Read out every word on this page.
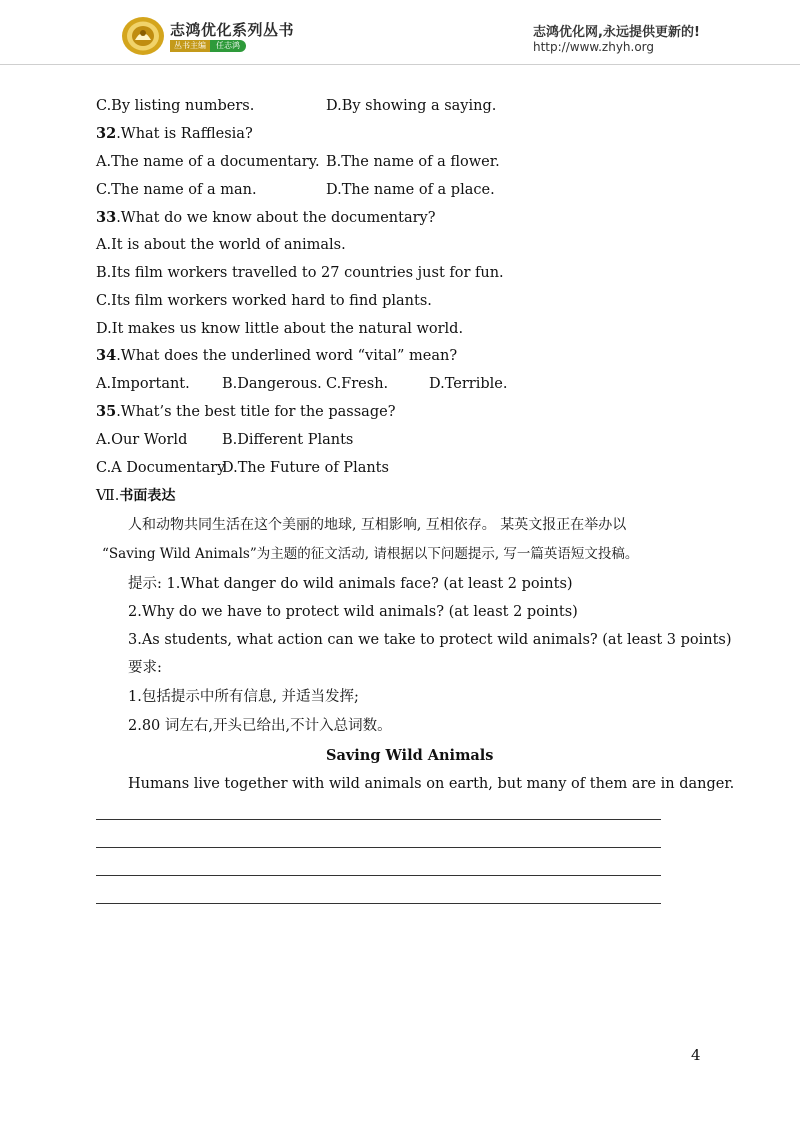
志鸿优化系列丛书
丛书主编	任志鸿
志鸿优化网,永远提供更新的!
http://www.zhyh.org
C.By listing numbers.	D.By showing a saying.
32.What is Rafflesia?
A.The name of a documentary. B.The name of a flower.
C.The name of a man.	D.The name of a place.
33.What do we know about the documentary?
A.It is about the world of animals.
B.Its film workers travelled to 27 countries just for fun.
C.Its film workers worked hard to find plants.
D.It makes us know little about the natural world.
34.What does the underlined word “vital” mean?
A.Important. B.Dangerous. C.Fresh.	D.Terrible.
35.What’s the best title for the passage?
A.Our World B.Different Plants
C.A Documentary
D.The Future of Plants
Ⅶ.书面表达
人和动物共同生活在这个美丽的地球, 互相影响, 互相依存。 某英文报正在举办以
“Saving Wild Animals”为主题的征文活动, 请根据以下问题提示, 写一篇英语短文投稿。
提示: 1.What danger do wild animals face? (at least 2 points)
2.Why do we have to protect wild animals? (at least 2 points)
3.As students, what action can we take to protect wild animals? (at least 3 points)
要求:
1.包括提示中所有信息, 并适当发挥;
2.80 词左右,开头已给出,不计入总词数。
Saving Wild Animals
Humans live together with wild animals on earth, but many of them are in danger.
4
